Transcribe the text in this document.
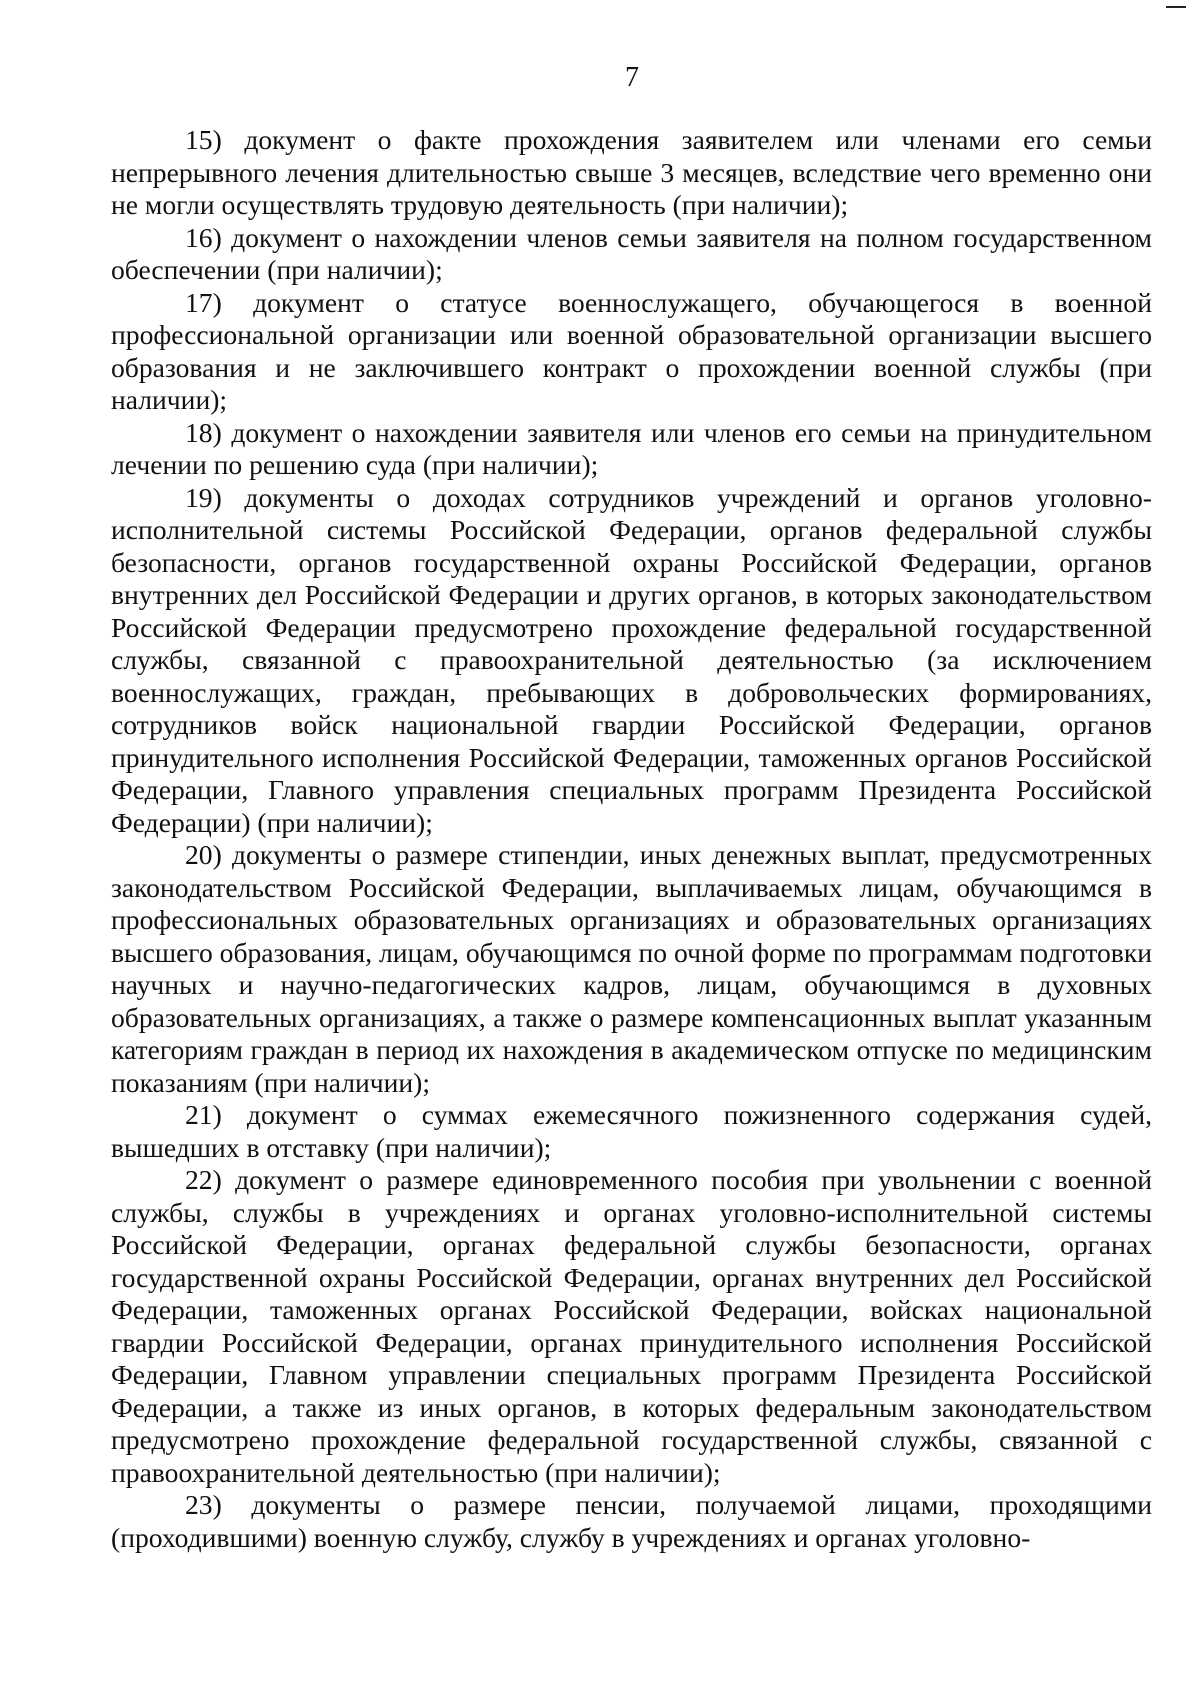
7

15) документ о факте прохождения заявителем или членами его семьи непрерывного лечения длительностью свыше 3 месяцев, вследствие чего временно они не могли осуществлять трудовую деятельность (при наличии);

16) документ о нахождении членов семьи заявителя на полном государственном обеспечении (при наличии);

17) документ о статусе военнослужащего, обучающегося в военной профессиональной организации или военной образовательной организации высшего образования и не заключившего контракт о прохождении военной службы (при наличии);

18) документ о нахождении заявителя или членов его семьи на принудительном лечении по решению суда (при наличии);

19) документы о доходах сотрудников учреждений и органов уголовно-исполнительной системы Российской Федерации, органов федеральной службы безопасности, органов государственной охраны Российской Федерации, органов внутренних дел Российской Федерации и других органов, в которых законодательством Российской Федерации предусмотрено прохождение федеральной государственной службы, связанной с правоохранительной деятельностью (за исключением военнослужащих, граждан, пребывающих в добровольческих формированиях, сотрудников войск национальной гвардии Российской Федерации, органов принудительного исполнения Российской Федерации, таможенных органов Российской Федерации, Главного управления специальных программ Президента Российской Федерации) (при наличии);

20) документы о размере стипендии, иных денежных выплат, предусмотренных законодательством Российской Федерации, выплачиваемых лицам, обучающимся в профессиональных образовательных организациях и образовательных организациях высшего образования, лицам, обучающимся по очной форме по программам подготовки научных и научно-педагогических кадров, лицам, обучающимся в духовных образовательных организациях, а также о размере компенсационных выплат указанным категориям граждан в период их нахождения в академическом отпуске по медицинским показаниям (при наличии);

21) документ о суммах ежемесячного пожизненного содержания судей, вышедших в отставку (при наличии);

22) документ о размере единовременного пособия при увольнении с военной службы, службы в учреждениях и органах уголовно-исполнительной системы Российской Федерации, органах федеральной службы безопасности, органах государственной охраны Российской Федерации, органах внутренних дел Российской Федерации, таможенных органах Российской Федерации, войсках национальной гвардии Российской Федерации, органах принудительного исполнения Российской Федерации, Главном управлении специальных программ Президента Российской Федерации, а также из иных органов, в которых федеральным законодательством предусмотрено прохождение федеральной государственной службы, связанной с правоохранительной деятельностью (при наличии);

23) документы о размере пенсии, получаемой лицами, проходящими (проходившими) военную службу, службу в учреждениях и органах уголовно-
